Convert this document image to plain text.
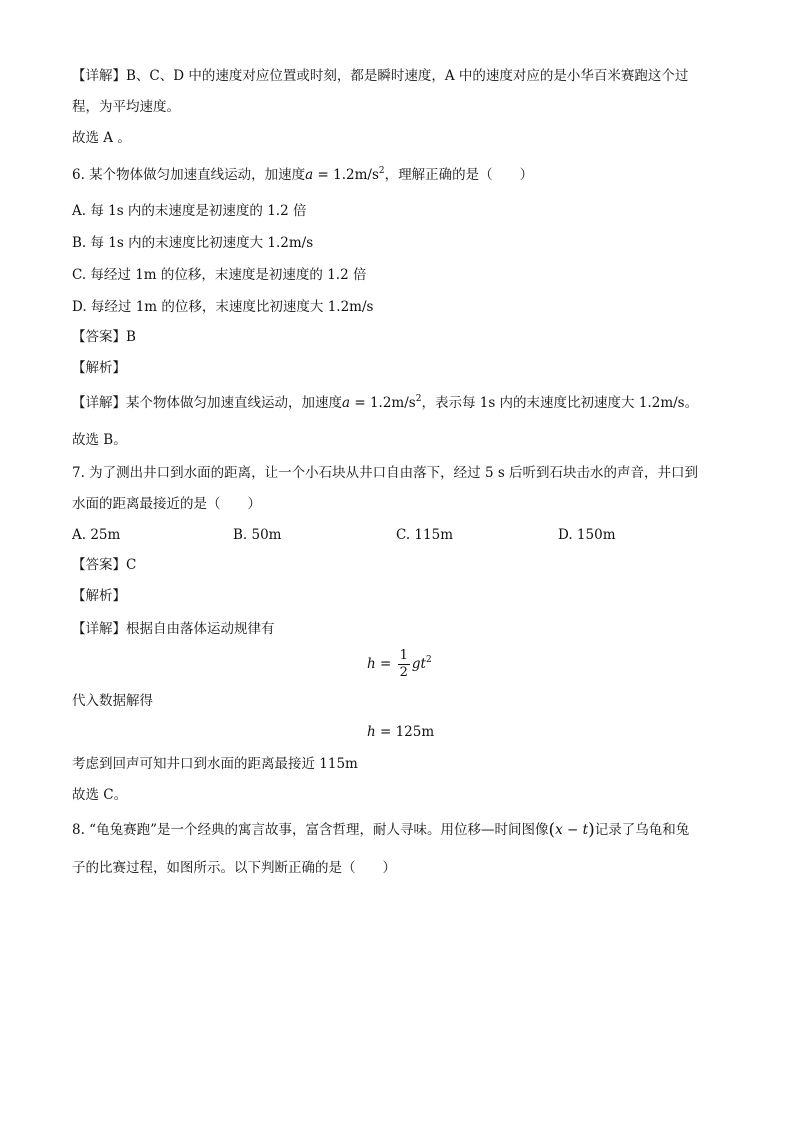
【详解】B、C、D 中的速度对应位置或时刻，都是瞬时速度，A 中的速度对应的是小华百米赛跑这个过
程，为平均速度。
故选 A 。
6. 某个物体做匀加速直线运动，加速度$a = 1.2m/s^2$，理解正确的是（　　）
A. 每 1s 内的末速度是初速度的 1.2 倍
B. 每 1s 内的末速度比初速度大 1.2m/s
C. 每经过 1m 的位移，末速度是初速度的 1.2 倍
D. 每经过 1m 的位移，末速度比初速度大 1.2m/s
【答案】B
【解析】
【详解】某个物体做匀加速直线运动，加速度$a = 1.2m/s^2$，表示每 1s 内的末速度比初速度大 1.2m/s。
故选 B。
7. 为了测出井口到水面的距离，让一个小石块从井口自由落下，经过 5 s 后听到石块击水的声音，井口到
水面的距离最接近的是（　　）
A. 25m	B. 50m	C. 115m	D. 150m
【答案】C
【解析】
【详解】根据自由落体运动规律有
$h = \frac{1}{2} gt^2$
代入数据解得
h = 125m
考虑到回声可知井口到水面的距离最接近 115m
故选 C。
8. “龟兔赛跑”是一个经典的寓言故事，富含哲理，耐人寻味。用位移—时间图像(x − t)记录了乌龟和兔
子的比赛过程，如图所示。以下判断正确的是（　　）
